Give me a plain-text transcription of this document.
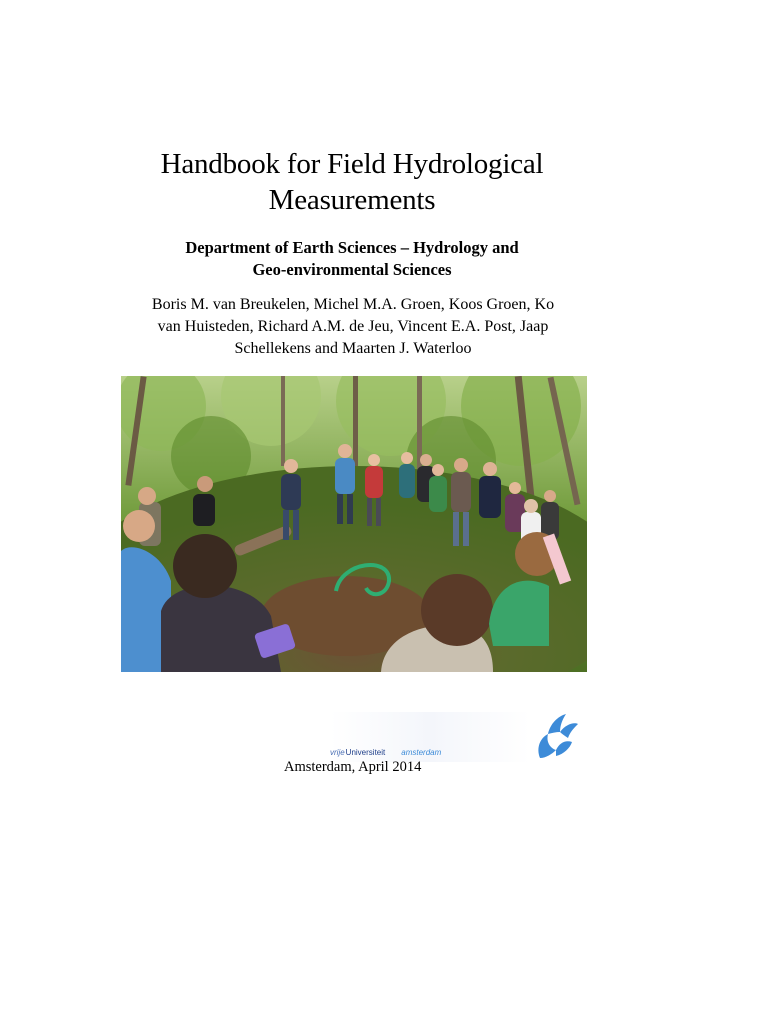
Handbook for Field Hydrological
Measurements
Department of Earth Sciences – Hydrology and
Geo-environmental Sciences
Boris M. van Breukelen, Michel M.A. Groen, Koos Groen, Ko
van Huisteden, Richard A.M. de Jeu, Vincent E.A. Post, Jaap
Schellekens and Maarten J. Waterloo
vrijeUniversiteit amsterdam
Amsterdam, April 2014
